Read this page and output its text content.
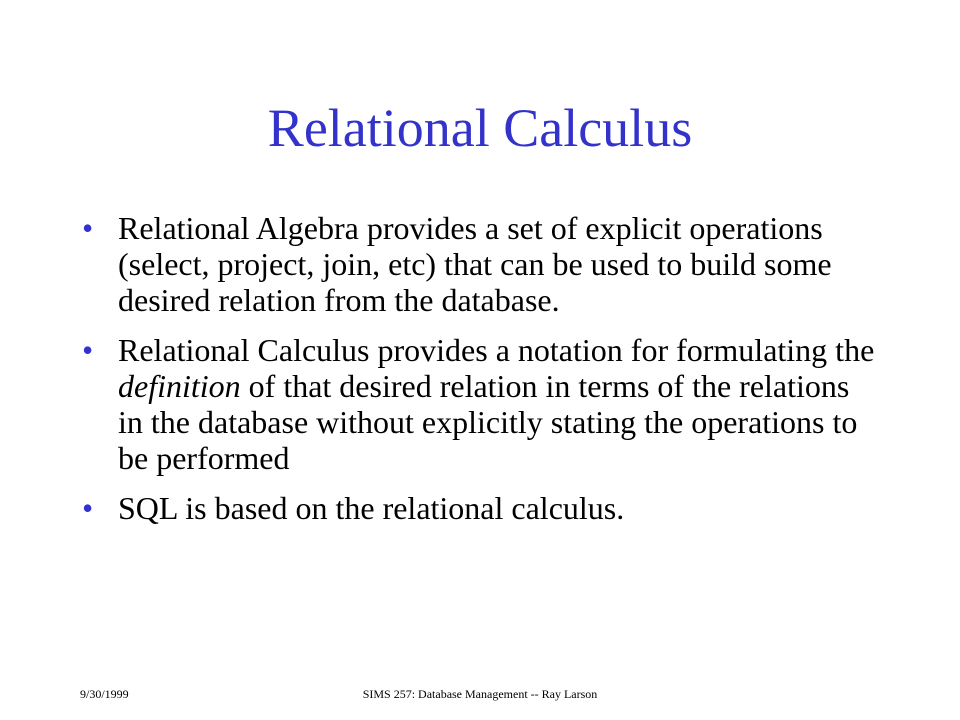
Relational Calculus
• Relational Algebra provides a set of explicit operations (select, project, join, etc) that can be used to build some desired relation from the database.
• Relational Calculus provides a notation for formulating the definition of that desired relation in terms of the relations in the database without explicitly stating the operations to be performed
• SQL is based on the relational calculus.
SIMS 257: Database Management -- Ray Larson
9/30/1999
